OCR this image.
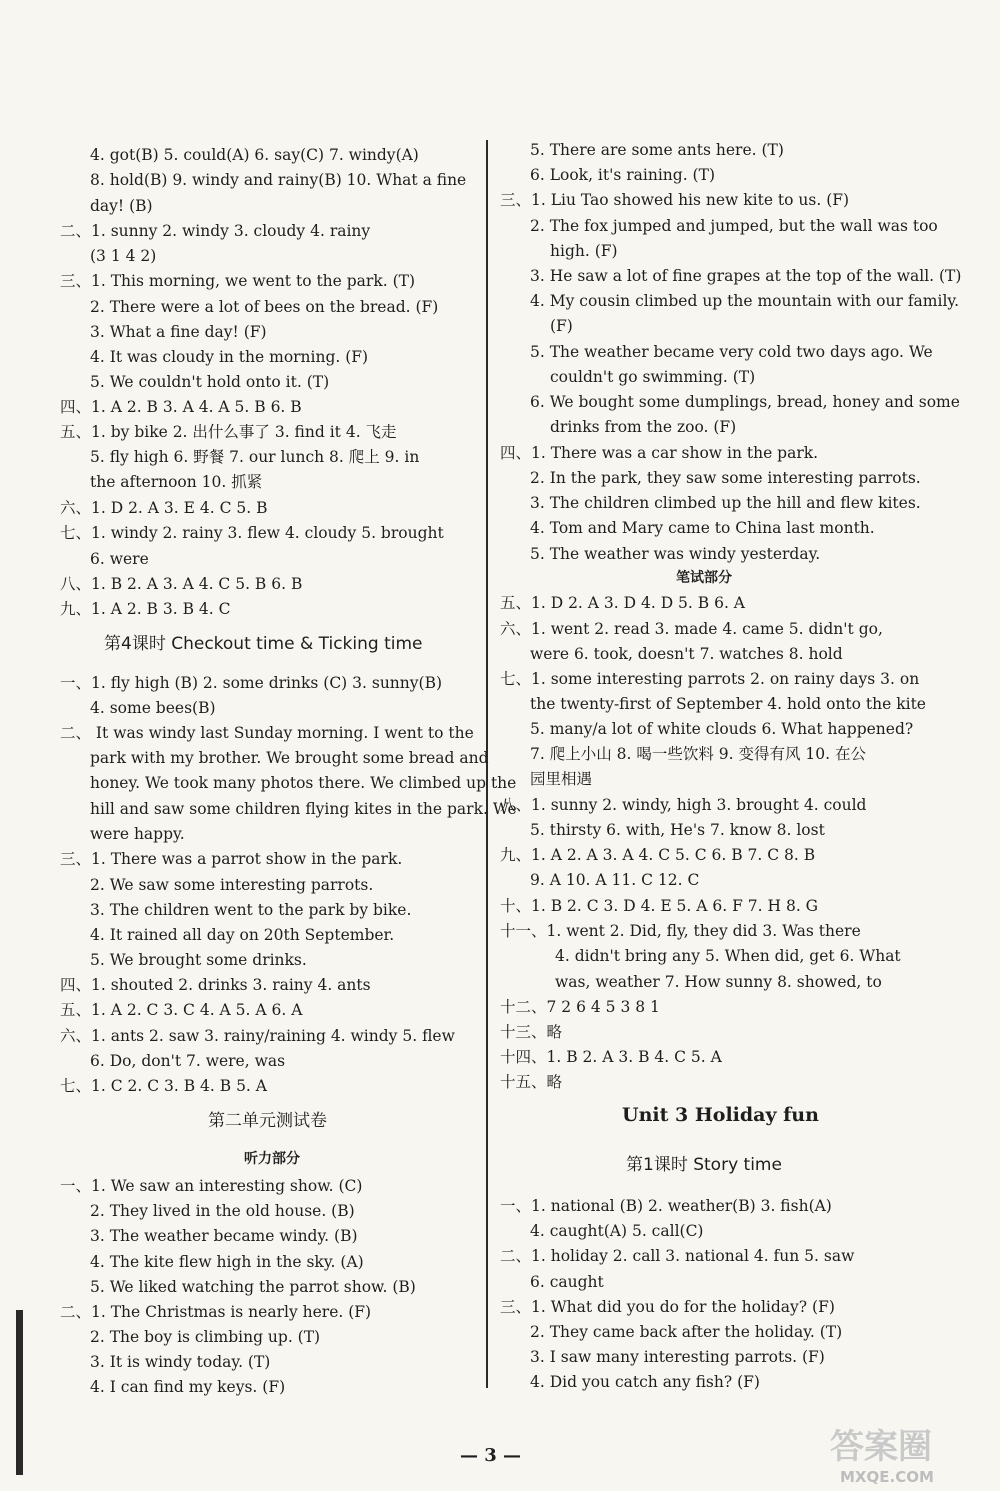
4. got(B) 5. could(A) 6. say(C) 7. windy(A)
8. hold(B) 9. windy and rainy(B) 10. What a fine
day! (B)
二、1. sunny 2. windy 3. cloudy 4. rainy
(3 1 4 2)
三、1. This morning, we went to the park. (T)
2. There were a lot of bees on the bread. (F)
3. What a fine day! (F)
4. It was cloudy in the morning. (F)
5. We couldn't hold onto it. (T)
四、1. A 2. B 3. A 4. A 5. B 6. B
五、1. by bike 2. 出什么事了 3. find it 4. 飞走
5. fly high 6. 野餐 7. our lunch 8. 爬上 9. in
the afternoon 10. 抓紧
六、1. D 2. A 3. E 4. C 5. B
七、1. windy 2. rainy 3. flew 4. cloudy 5. brought
6. were
八、1. B 2. A 3. A 4. C 5. B 6. B
九、1. A 2. B 3. B 4. C
一、1. fly high (B) 2. some drinks (C) 3. sunny(B)
4. some bees(B)
二、 It was windy last Sunday morning. I went to the
park with my brother. We brought some bread and
honey. We took many photos there. We climbed up the
hill and saw some children flying kites in the park. We
were happy.
三、1. There was a parrot show in the park.
2. We saw some interesting parrots.
3. The children went to the park by bike.
4. It rained all day on 20th September.
5. We brought some drinks.
四、1. shouted 2. drinks 3. rainy 4. ants
五、1. A 2. C 3. C 4. A 5. A 6. A
六、1. ants 2. saw 3. rainy/raining 4. windy 5. flew
6. Do, don't 7. were, was
七、1. C 2. C 3. B 4. B 5. A
一、1. We saw an interesting show. (C)
2. They lived in the old house. (B)
3. The weather became windy. (B)
4. The kite flew high in the sky. (A)
5. We liked watching the parrot show. (B)
二、1. The Christmas is nearly here. (F)
2. The boy is climbing up. (T)
3. It is windy today. (T)
4. I can find my keys. (F)
第4课时 Checkout time & Ticking time
第二单元测试卷
听力部分
5. There are some ants here. (T)
6. Look, it's raining. (T)
三、1. Liu Tao showed his new kite to us. (F)
2. The fox jumped and jumped, but the wall was too
high. (F)
3. He saw a lot of fine grapes at the top of the wall. (T)
4. My cousin climbed up the mountain with our family.
(F)
5. The weather became very cold two days ago. We
couldn't go swimming. (T)
6. We bought some dumplings, bread, honey and some
drinks from the zoo. (F)
四、1. There was a car show in the park.
2. In the park, they saw some interesting parrots.
3. The children climbed up the hill and flew kites.
4. Tom and Mary came to China last month.
5. The weather was windy yesterday.
五、1. D 2. A 3. D 4. D 5. B 6. A
六、1. went 2. read 3. made 4. came 5. didn't go,
were 6. took, doesn't 7. watches 8. hold
七、1. some interesting parrots 2. on rainy days 3. on
the twenty-first of September 4. hold onto the kite
5. many/a lot of white clouds 6. What happened?
7. 爬上小山 8. 喝一些饮料 9. 变得有风 10. 在公
园里相遇
八、1. sunny 2. windy, high 3. brought 4. could
5. thirsty 6. with, He's 7. know 8. lost
九、1. A 2. A 3. A 4. C 5. C 6. B 7. C 8. B
9. A 10. A 11. C 12. C
十、1. B 2. C 3. D 4. E 5. A 6. F 7. H 8. G
十一、1. went 2. Did, fly, they did 3. Was there
4. didn't bring any 5. When did, get 6. What
was, weather 7. How sunny 8. showed, to
十二、7 2 6 4 5 3 8 1
十三、略
十四、1. B 2. A 3. B 4. C 5. A
十五、略
一、1. national (B) 2. weather(B) 3. fish(A)
4. caught(A) 5. call(C)
二、1. holiday 2. call 3. national 4. fun 5. saw
6. caught
三、1. What did you do for the holiday? (F)
2. They came back after the holiday. (T)
3. I saw many interesting parrots. (F)
4. Did you catch any fish? (F)
笔试部分
Unit 3 Holiday fun
第1课时 Story time
— 3 —	答案圈
MXQE.COM
